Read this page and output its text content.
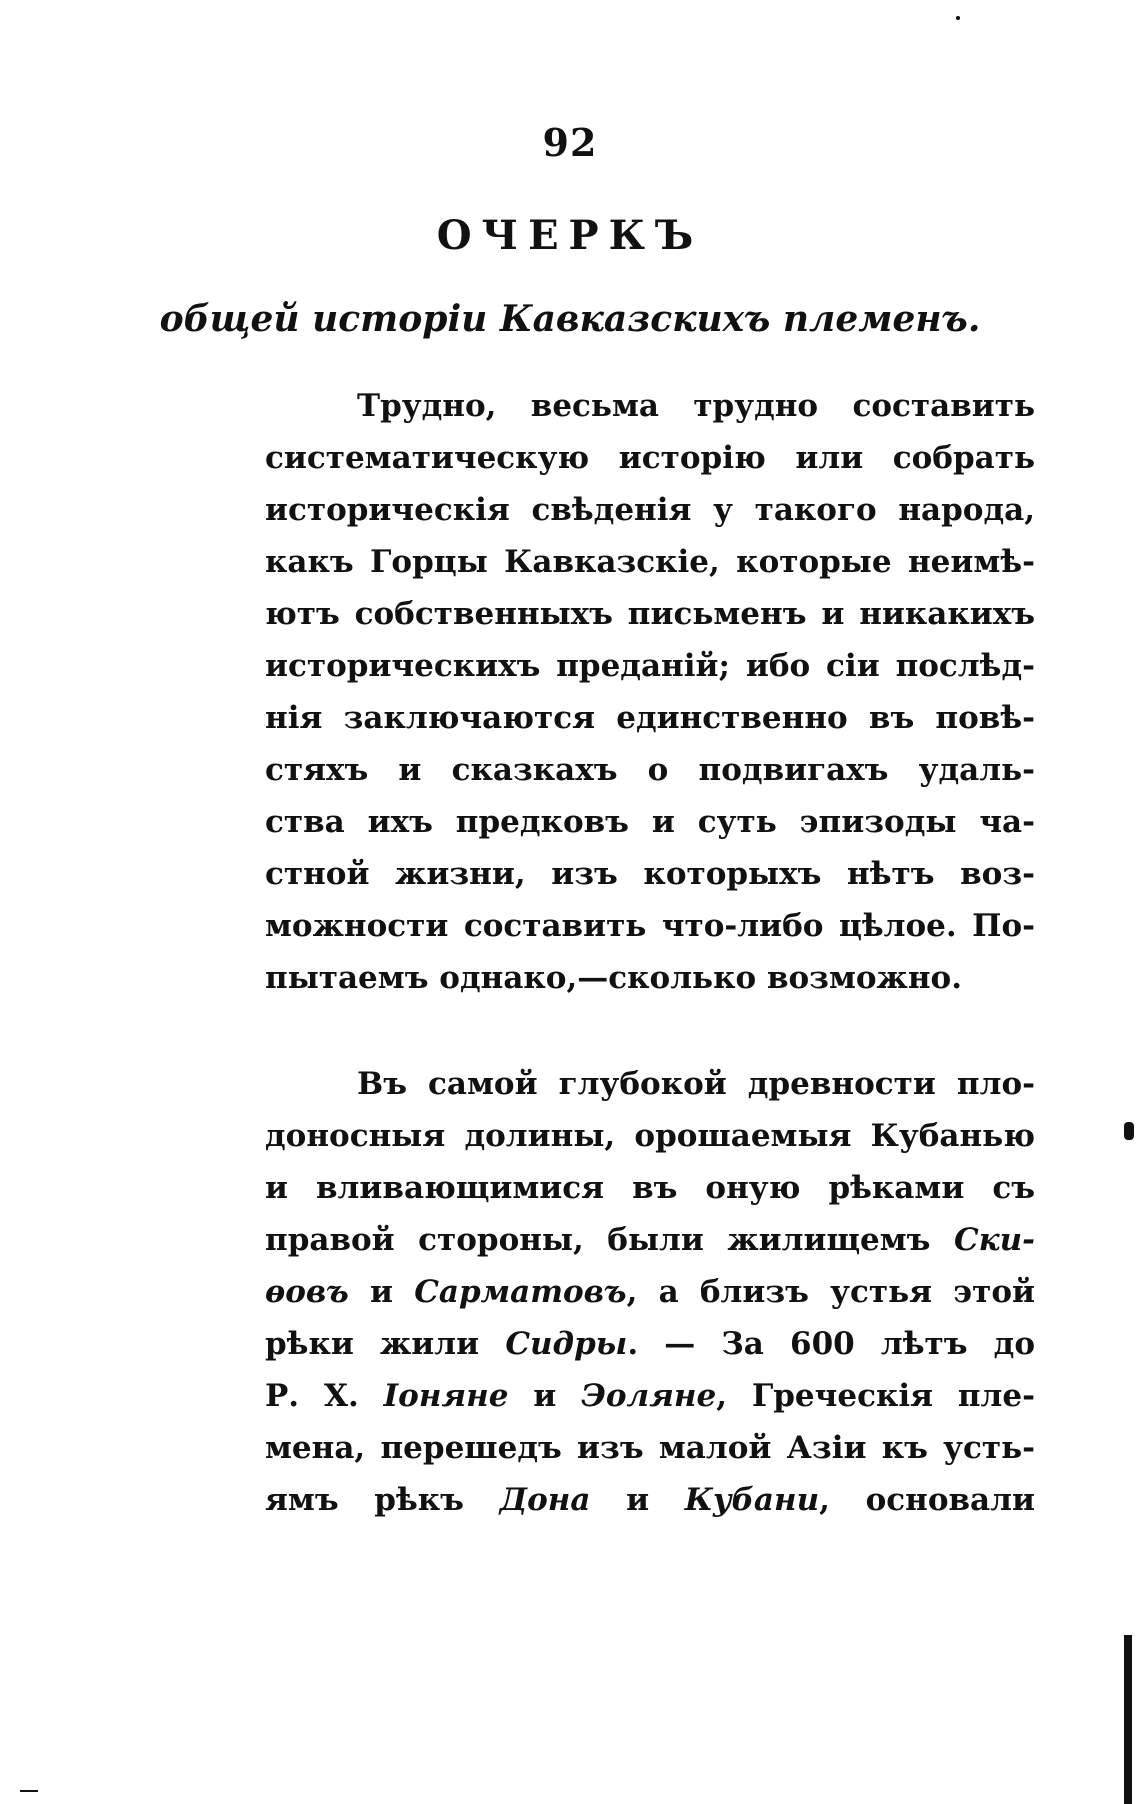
92
ОЧЕРКЪ
общей исторіи Кавказскихъ племенъ.
Трудно, весьма трудно составить
систематическую исторію или собрать
историческія свѣденія у такого народа,
какъ Горцы Кавказскіе, которые неимѣ-
ютъ собственныхъ письменъ и никакихъ
историческихъ преданій; ибо сіи послѣд-
нія заключаются единственно въ повѣ-
стяхъ и сказкахъ о подвигахъ удаль-
ства ихъ предковъ и суть эпизоды ча-
стной жизни, изъ которыхъ нѣтъ воз-
можности составить что-либо цѣлое. По-
пытаемъ однако,—сколько возможно.
Въ самой глубокой древности пло-
доносныя долины, орошаемыя Кубанью
и вливающимися въ оную рѣками съ
правой стороны, были жилищемъ Ски-
ѳовъ и Сарматовъ, а близъ устья этой
рѣки жили Сидры. — За 600 лѣтъ до
Р. Х. Іоняне и Эоляне, Греческія пле-
мена, перешедъ изъ малой Азіи къ усть-
ямъ рѣкъ Дона и Кубани, основали
